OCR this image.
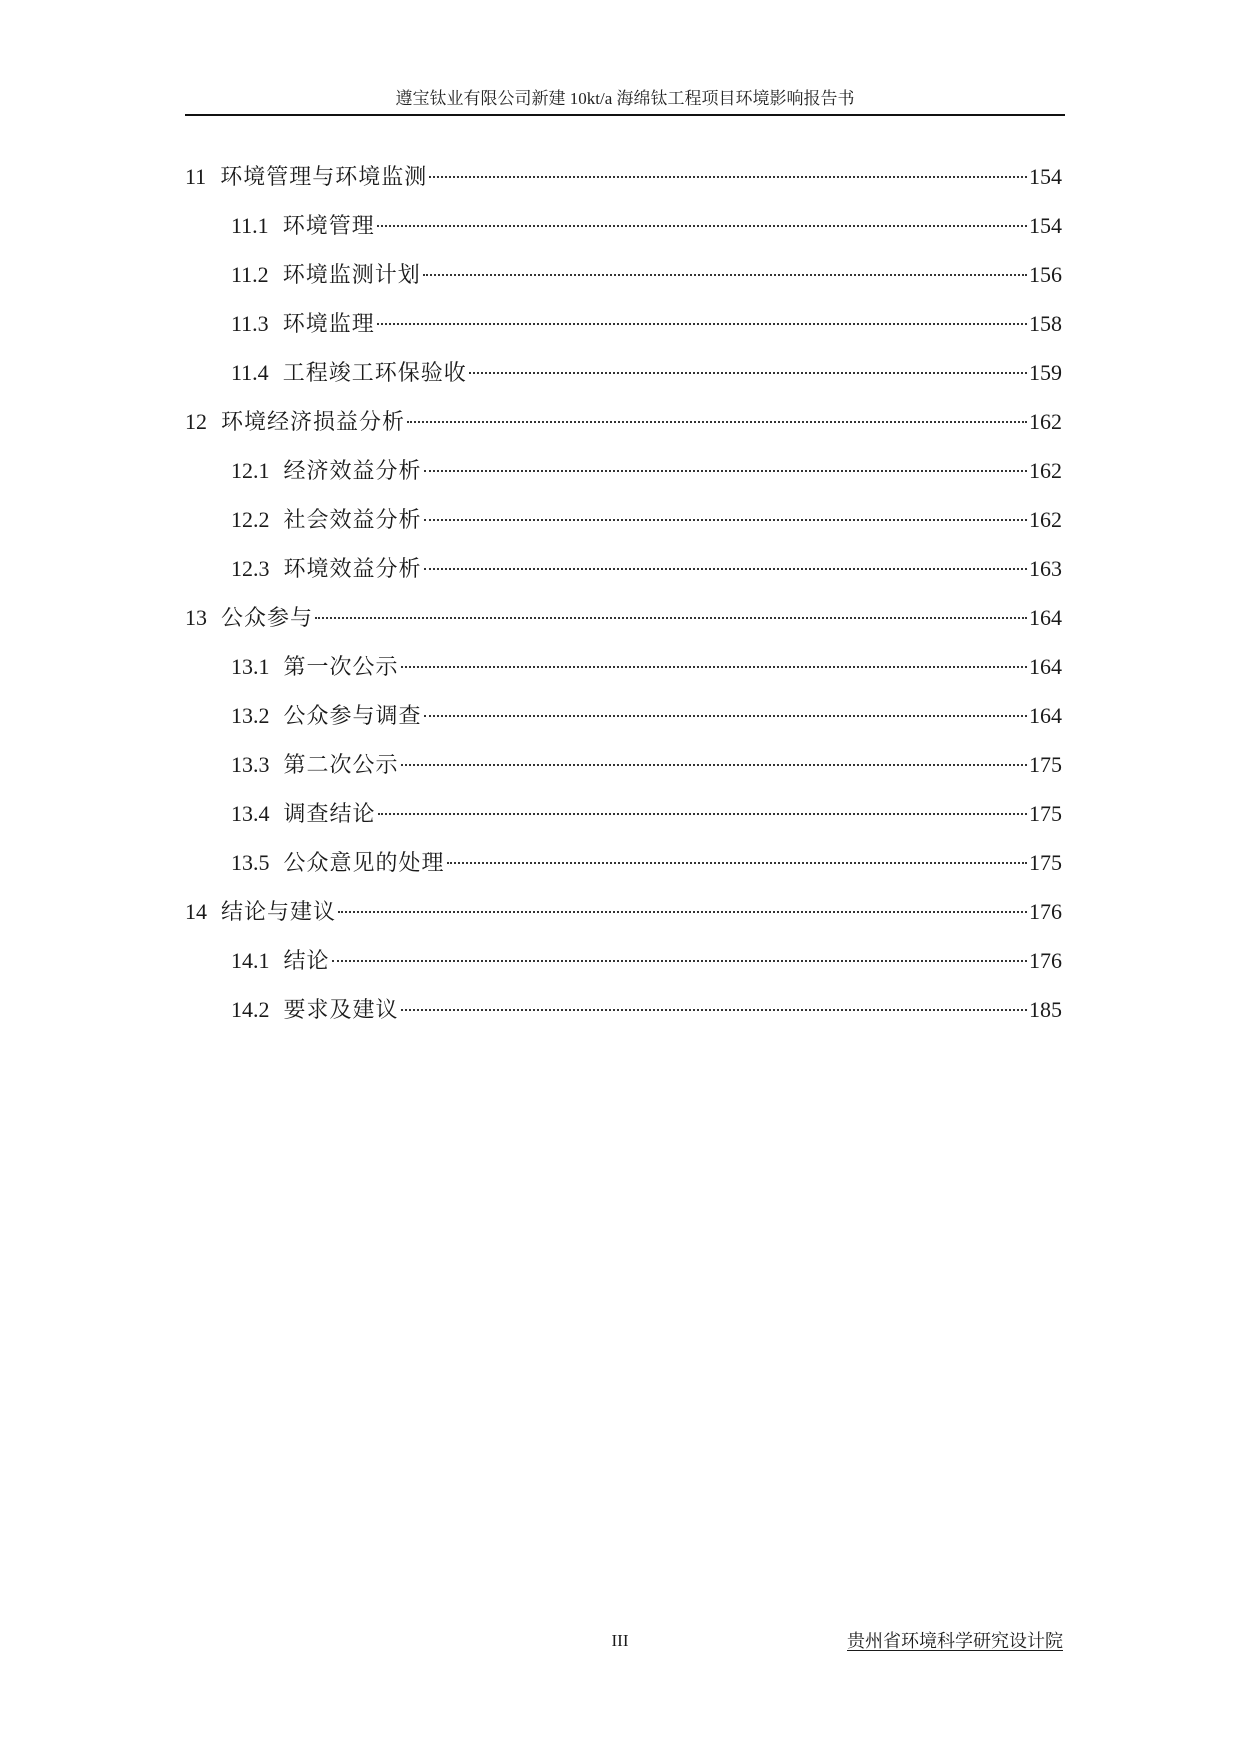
遵宝钛业有限公司新建 10kt/a 海绵钛工程项目环境影响报告书
11 环境管理与环境监测	154
11.1 环境管理	154
11.2 环境监测计划	156
11.3 环境监理	158
11.4 工程竣工环保验收	159
12 环境经济损益分析	162
12.1 经济效益分析	162
12.2 社会效益分析	162
12.3 环境效益分析	163
13 公众参与	164
13.1 第一次公示	164
13.2 公众参与调查	164
13.3 第二次公示	175
13.4 调查结论	175
13.5 公众意见的处理	175
14 结论与建议	176
14.1 结论	176
14.2 要求及建议	185
III	贵州省环境科学研究设计院
